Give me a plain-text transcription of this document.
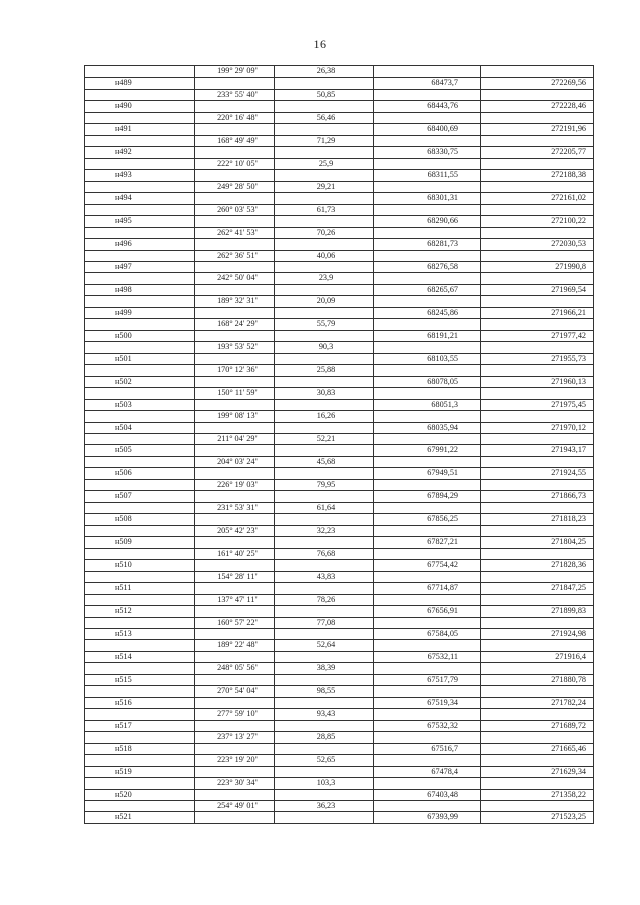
16
199° 29' 09"	26,38
н489	68473,7	272269,56
233° 55' 40"	50,85
н490	68443,76	272228,46
220° 16' 48"	56,46
н491	68400,69	272191,96
168° 49' 49"	71,29
н492	68330,75	272205,77
222° 10' 05"	25,9
н493	68311,55	272188,38
249° 28' 50"	29,21
н494	68301,31	272161,02
260° 03' 53"	61,73
н495	68290,66	272100,22
262° 41' 53"	70,26
н496	68281,73	272030,53
262° 36' 51"	40,06
н497	68276,58	271990,8
242° 50' 04"	23,9
н498	68265,67	271969,54
189° 32' 31"	20,09
н499	68245,86	271966,21
168° 24' 29"	55,79
н500	68191,21	271977,42
193° 53' 52"	90,3
н501	68103,55	271955,73
170° 12' 36"	25,88
н502	68078,05	271960,13
150° 11' 59"	30,83
н503	68051,3	271975,45
199° 08' 13"	16,26
н504	68035,94	271970,12
211° 04' 29"	52,21
н505	67991,22	271943,17
204° 03' 24"	45,68
н506	67949,51	271924,55
226° 19' 03"	79,95
н507	67894,29	271866,73
231° 53' 31"	61,64
н508	67856,25	271818,23
205° 42' 23"	32,23
н509	67827,21	271804,25
161° 40' 25"	76,68
н510	67754,42	271828,36
154° 28' 11"	43,83
н511	67714,87	271847,25
137° 47' 11"	78,26
н512	67656,91	271899,83
160° 57' 22"	77,08
н513	67584,05	271924,98
189° 22' 48"	52,64
н514	67532,11	271916,4
248° 05' 56"	38,39
н515	67517,79	271880,78
270° 54' 04"	98,55
н516	67519,34	271782,24
277° 59' 10"	93,43
н517	67532,32	271689,72
237° 13' 27"	28,85
н518	67516,7	271665,46
223° 19' 20"	52,65
н519	67478,4	271629,34
223° 30' 34"	103,3
н520	67403,48	271358,22
254° 49' 01"	36,23
н521	67393,99	271523,25
